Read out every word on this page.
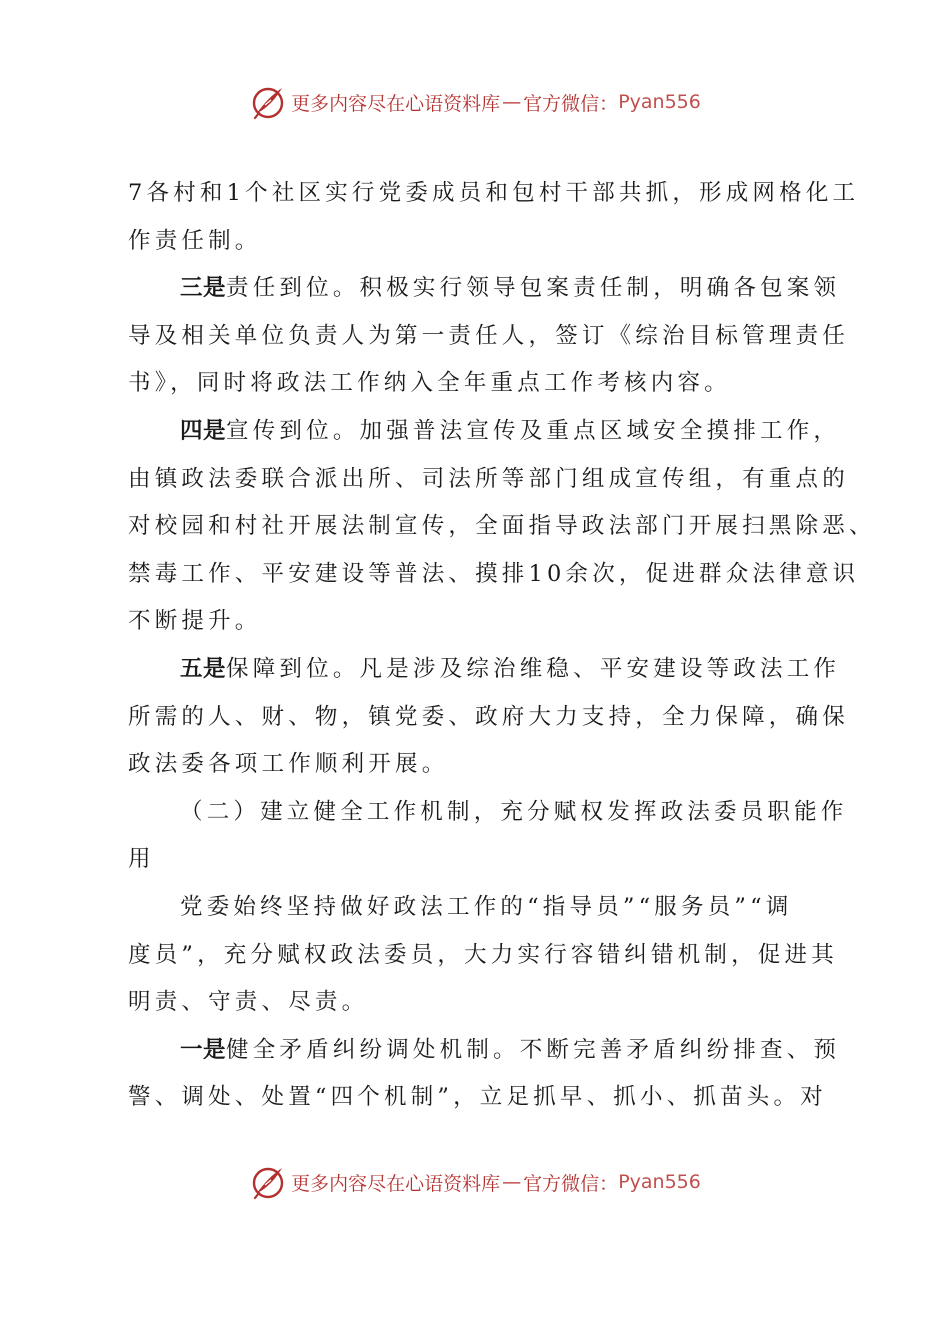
更多内容尽在心语资料库 — 官方微信： Pyan556
7各村和1个社区实行党委成员和包村干部共抓，形成网格化工
作责任制。
三是责任到位。积极实行领导包案责任制，明确各包案领
导及相关单位负责人为第一责任人，签订《综治目标管理责任
书》，同时将政法工作纳入全年重点工作考核内容。
四是宣传到位。加强普法宣传及重点区域安全摸排工作，
由镇政法委联合派出所、司法所等部门组成宣传组，有重点的
对校园和村社开展法制宣传，全面指导政法部门开展扫黑除恶、
禁毒工作、平安建设等普法、摸排10余次，促进群众法律意识
不断提升。
五是保障到位。凡是涉及综治维稳、平安建设等政法工作
所需的人、财、物，镇党委、政府大力支持，全力保障，确保
政法委各项工作顺利开展。
（二）建立健全工作机制，充分赋权发挥政法委员职能作
用
党委始终坚持做好政法工作的“指导员”“服务员”“调
度员”，充分赋权政法委员，大力实行容错纠错机制，促进其
明责、守责、尽责。
一是健全矛盾纠纷调处机制。不断完善矛盾纠纷排查、预
警、调处、处置“四个机制”，立足抓早、抓小、抓苗头。对
更多内容尽在心语资料库 — 官方微信： Pyan556
